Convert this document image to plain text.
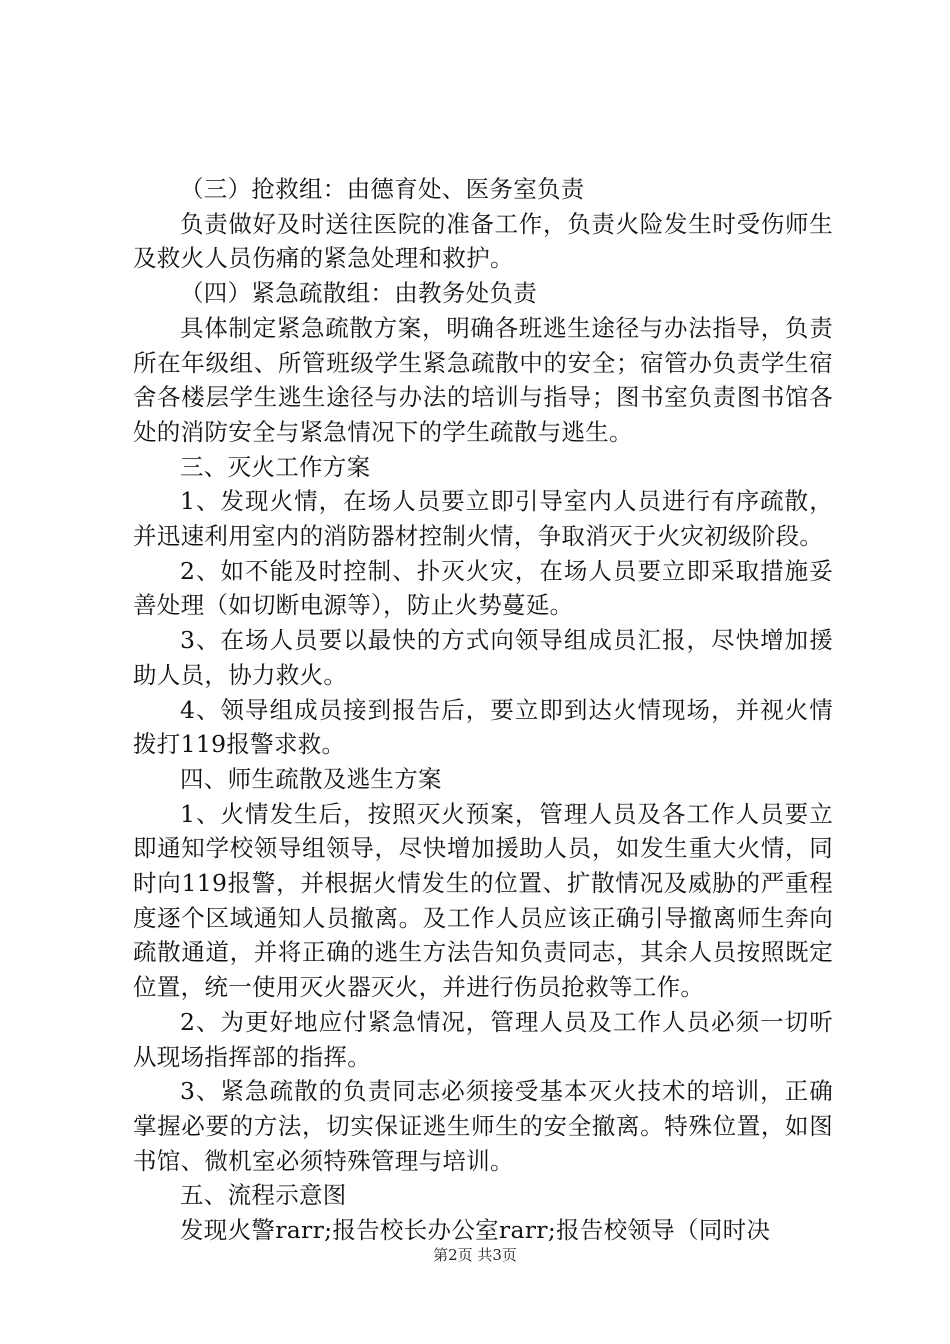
（三）抢救组：由德育处、医务室负责

负责做好及时送往医院的准备工作，负责火险发生时受伤师生及救火人员伤痛的紧急处理和救护。

（四）紧急疏散组：由教务处负责

具体制定紧急疏散方案，明确各班逃生途径与办法指导，负责所在年级组、所管班级学生紧急疏散中的安全；宿管办负责学生宿舍各楼层学生逃生途径与办法的培训与指导；图书室负责图书馆各处的消防安全与紧急情况下的学生疏散与逃生。

三、灭火工作方案

1、发现火情，在场人员要立即引导室内人员进行有序疏散，并迅速利用室内的消防器材控制火情，争取消灭于火灾初级阶段。

2、如不能及时控制、扑灭火灾，在场人员要立即采取措施妥善处理（如切断电源等），防止火势蔓延。

3、在场人员要以最快的方式向领导组成员汇报，尽快增加援助人员，协力救火。

4、领导组成员接到报告后，要立即到达火情现场，并视火情拨打119报警求救。

四、师生疏散及逃生方案

1、火情发生后，按照灭火预案，管理人员及各工作人员要立即通知学校领导组领导，尽快增加援助人员，如发生重大火情，同时向119报警，并根据火情发生的位置、扩散情况及威胁的严重程度逐个区域通知人员撤离。及工作人员应该正确引导撤离师生奔向疏散通道，并将正确的逃生方法告知负责同志，其余人员按照既定位置，统一使用灭火器灭火，并进行伤员抢救等工作。

2、为更好地应付紧急情况，管理人员及工作人员必须一切听从现场指挥部的指挥。

3、紧急疏散的负责同志必须接受基本灭火技术的培训，正确掌握必要的方法，切实保证逃生师生的安全撤离。特殊位置，如图书馆、微机室必须特殊管理与培训。

五、流程示意图

发现火警rarr;报告校长办公室rarr;报告校领导（同时决

第2页 共3页
